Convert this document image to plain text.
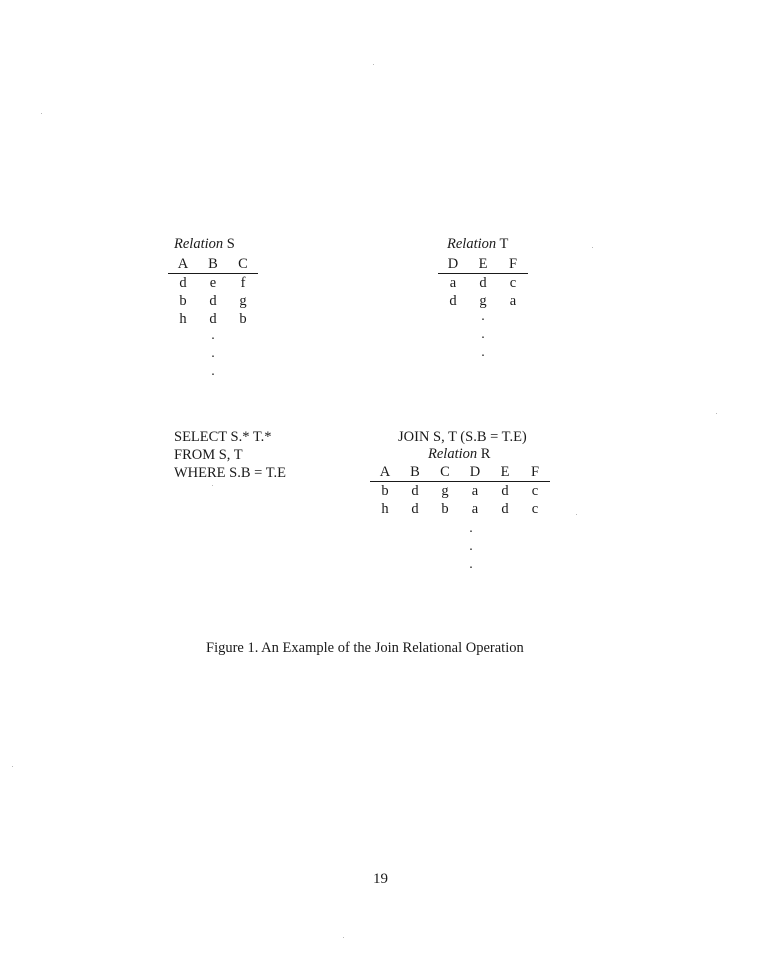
Relation S
A	B	C
d	e	f
b	d	g
h	d	b
.
.
.
Relation T
D	E	F
a	d	c
d	g	a
.
.
.
SELECT S.* T.*
FROM S, T
WHERE S.B = T.E
JOIN S, T (S.B = T.E)
Relation R
A	B	C	D	E	F
b	d	g	a	d	c
h	d	b	a	d	c
.
.
.
Figure 1. An Example of the Join Relational Operation
19
